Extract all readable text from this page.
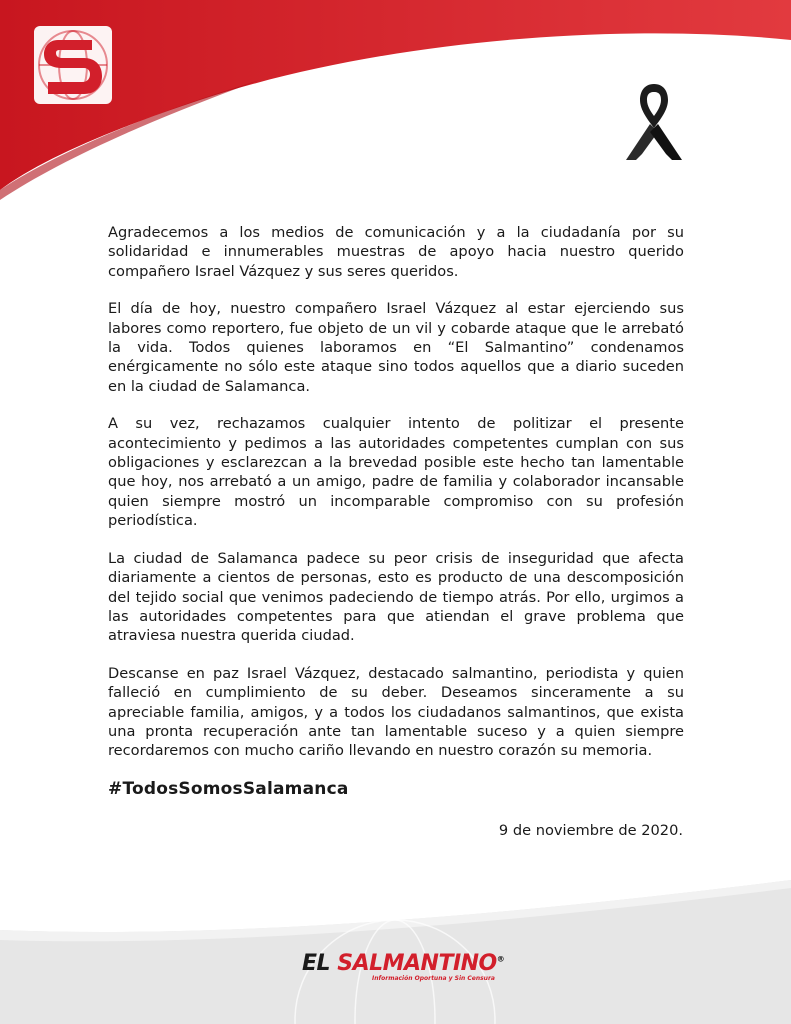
Agradecemos a los medios de comunicación y a la ciudadanía por su solidaridad e innumerables muestras de apoyo hacia nuestro querido compañero Israel Vázquez y sus seres queridos.

El día de hoy, nuestro compañero Israel Vázquez al estar ejerciendo sus labores como reportero, fue objeto de un vil y cobarde ataque que le arrebató la vida. Todos quienes laboramos en “El Salmantino” condenamos enérgicamente no sólo este ataque sino todos aquellos que a diario suceden en la ciudad de Salamanca.

A su vez, rechazamos cualquier intento de politizar el presente acontecimiento y pedimos a las autoridades competentes cumplan con sus obligaciones y esclarezcan a la brevedad posible este hecho tan lamentable que hoy, nos arrebató a un amigo, padre de familia y colaborador incansable quien siempre mostró un incomparable compromiso con su profesión periodística.

La ciudad de Salamanca padece su peor crisis de inseguridad que afecta diariamente a cientos de personas, esto es producto de una descomposición del tejido social que venimos padeciendo de tiempo atrás. Por ello, urgimos a las autoridades competentes para que atiendan el grave problema que atraviesa nuestra querida ciudad.

Descanse en paz Israel Vázquez, destacado salmantino, periodista y quien falleció en cumplimiento de su deber. Deseamos sinceramente a su apreciable familia, amigos, y a todos los ciudadanos salmantinos, que exista una pronta recuperación ante tan lamentable suceso y a quien siempre recordaremos con mucho cariño llevando en nuestro corazón su memoria.

#TodosSomosSalamanca

9 de noviembre de 2020.
EL SALMANTINO®
Información Oportuna y Sin Censura
